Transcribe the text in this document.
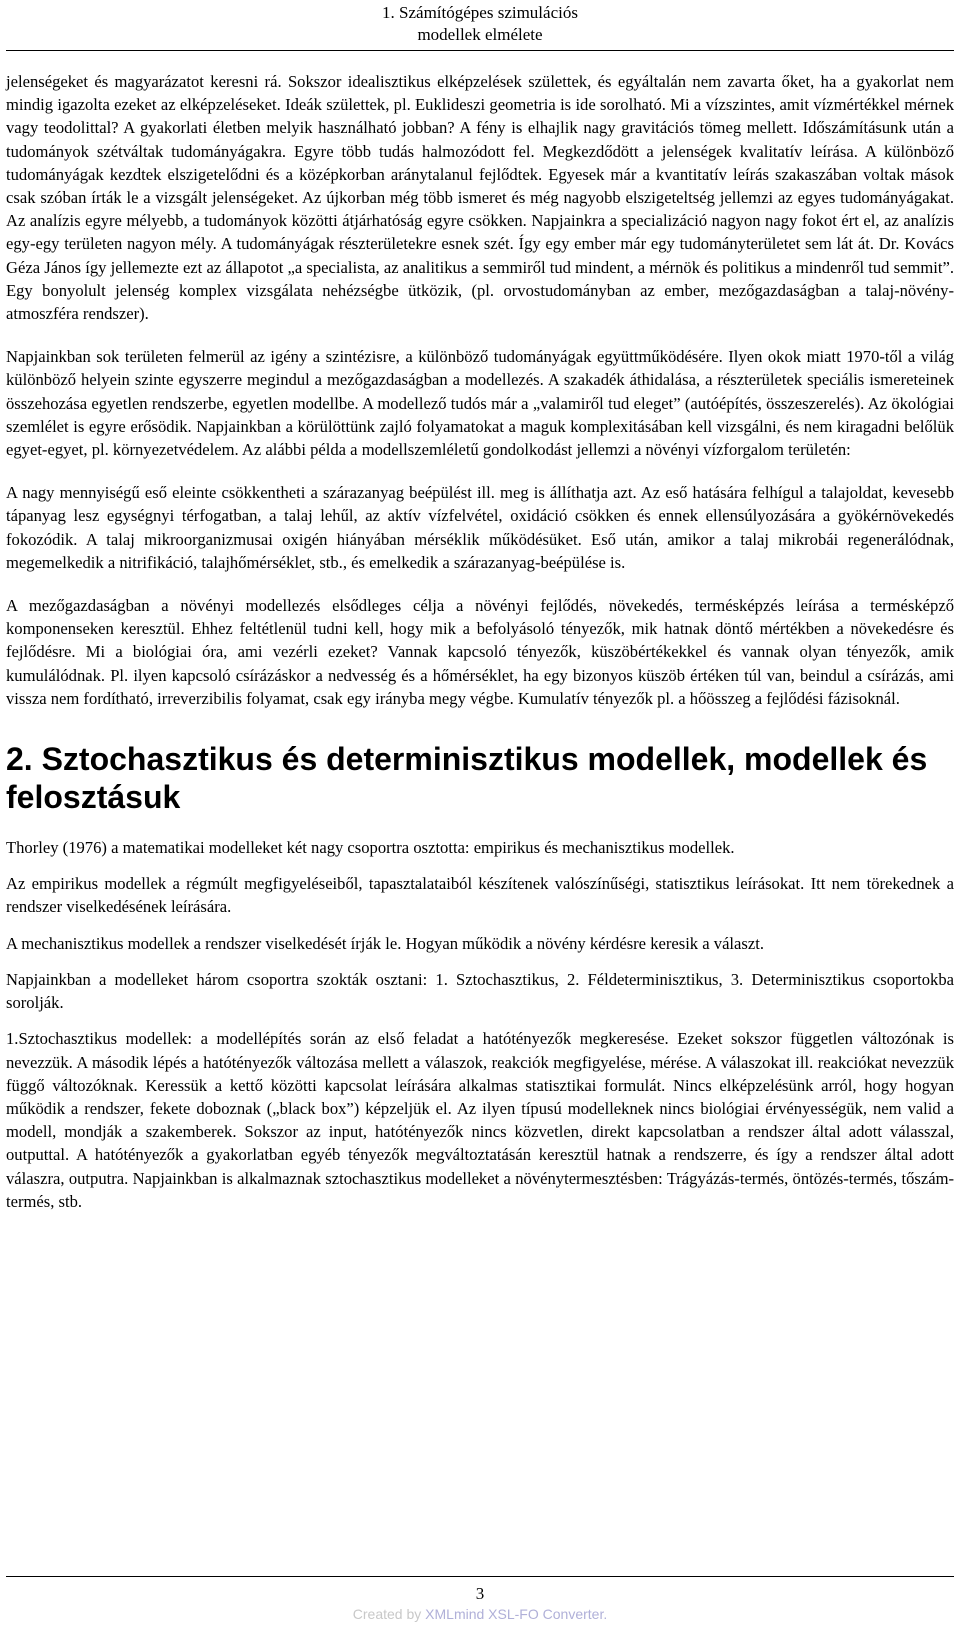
1. Számítógépes szimulációs
modellek elmélete

jelenségeket és magyarázatot keresni rá. Sokszor idealisztikus elképzelések születtek, és egyáltalán nem zavarta őket, ha a gyakorlat nem mindig igazolta ezeket az elképzeléseket. Ideák születtek, pl. Euklideszi geometria is ide sorolható. Mi a vízszintes, amit vízmértékkel mérnek vagy teodolittal? A gyakorlati életben melyik használható jobban? A fény is elhajlik nagy gravitációs tömeg mellett. Időszámításunk után a tudományok szétváltak tudományágakra. Egyre több tudás halmozódott fel. Megkezdődött a jelenségek kvalitatív leírása. A különböző tudományágak kezdtek elszigetelődni és a középkorban aránytalanul fejlődtek. Egyesek már a kvantitatív leírás szakaszában voltak mások csak szóban írták le a vizsgált jelenségeket. Az újkorban még több ismeret és még nagyobb elszigeteltség jellemzi az egyes tudományágakat. Az analízis egyre mélyebb, a tudományok közötti átjárhatóság egyre csökken. Napjainkra a specializáció nagyon nagy fokot ért el, az analízis egy-egy területen nagyon mély. A tudományágak részterületekre esnek szét. Így egy ember már egy tudományterületet sem lát át. Dr. Kovács Géza János így jellemezte ezt az állapotot „a specialista, az analitikus a semmiről tud mindent, a mérnök és politikus a mindenről tud semmit”. Egy bonyolult jelenség komplex vizsgálata nehézségbe ütközik, (pl. orvostudományban az ember, mezőgazdaságban a talaj-növény-atmoszféra rendszer).

Napjainkban sok területen felmerül az igény a szintézisre, a különböző tudományágak együttműködésére. Ilyen okok miatt 1970-től a világ különböző helyein szinte egyszerre megindul a mezőgazdaságban a modellezés. A szakadék áthidalása, a részterületek speciális ismereteinek összehozása egyetlen rendszerbe, egyetlen modellbe. A modellező tudós már a „valamiről tud eleget” (autóépítés, összeszerelés). Az ökológiai szemlélet is egyre erősödik. Napjainkban a körülöttünk zajló folyamatokat a maguk komplexitásában kell vizsgálni, és nem kiragadni belőlük egyet-egyet, pl. környezetvédelem. Az alábbi példa a modellszemléletű gondolkodást jellemzi a növényi vízforgalom területén:

A nagy mennyiségű eső eleinte csökkentheti a szárazanyag beépülést ill. meg is állíthatja azt. Az eső hatására felhígul a talajoldat, kevesebb tápanyag lesz egységnyi térfogatban, a talaj lehűl, az aktív vízfelvétel, oxidáció csökken és ennek ellensúlyozására a gyökérnövekedés fokozódik. A talaj mikroorganizmusai oxigén hiányában mérséklik működésüket. Eső után, amikor a talaj mikrobái regenerálódnak, megemelkedik a nitrifikáció, talajhőmérséklet, stb., és emelkedik a szárazanyag-beépülése is.

A mezőgazdaságban a növényi modellezés elsődleges célja a növényi fejlődés, növekedés, termésképzés leírása a termésképző komponenseken keresztül. Ehhez feltétlenül tudni kell, hogy mik a befolyásoló tényezők, mik hatnak döntő mértékben a növekedésre és fejlődésre. Mi a biológiai óra, ami vezérli ezeket? Vannak kapcsoló tényezők, küszöbértékekkel és vannak olyan tényezők, amik kumulálódnak. Pl. ilyen kapcsoló csírázáskor a nedvesség és a hőmérséklet, ha egy bizonyos küszöb értéken túl van, beindul a csírázás, ami vissza nem fordítható, irreverzibilis folyamat, csak egy irányba megy végbe. Kumulatív tényezők pl. a hőösszeg a fejlődési fázisoknál.

2. Sztochasztikus és determinisztikus modellek, modellek és felosztásuk

Thorley (1976) a matematikai modelleket két nagy csoportra osztotta: empirikus és mechanisztikus modellek.

Az empirikus modellek a régmúlt megfigyeléseiből, tapasztalataiból készítenek valószínűségi, statisztikus leírásokat. Itt nem törekednek a rendszer viselkedésének leírására.

A mechanisztikus modellek a rendszer viselkedését írják le. Hogyan működik a növény kérdésre keresik a választ.

Napjainkban a modelleket három csoportra szokták osztani: 1. Sztochasztikus, 2. Féldeterminisztikus, 3. Determinisztikus csoportokba sorolják.

1.Sztochasztikus modellek: a modellépítés során az első feladat a hatótényezők megkeresése. Ezeket sokszor független változónak is nevezzük. A második lépés a hatótényezők változása mellett a válaszok, reakciók megfigyelése, mérése. A válaszokat ill. reakciókat nevezzük függő változóknak. Keressük a kettő közötti kapcsolat leírására alkalmas statisztikai formulát. Nincs elképzelésünk arról, hogy hogyan működik a rendszer, fekete doboznak („black box”) képzeljük el. Az ilyen típusú modelleknek nincs biológiai érvényességük, nem valid a modell, mondják a szakemberek. Sokszor az input, hatótényezők nincs közvetlen, direkt kapcsolatban a rendszer által adott válasszal, outputtal. A hatótényezők a gyakorlatban egyéb tényezők megváltoztatásán keresztül hatnak a rendszerre, és így a rendszer által adott válaszra, outputra. Napjainkban is alkalmaznak sztochasztikus modelleket a növénytermesztésben: Trágyázás-termés, öntözés-termés, tőszám-termés, stb.

3
Created by XMLmind XSL-FO Converter.
